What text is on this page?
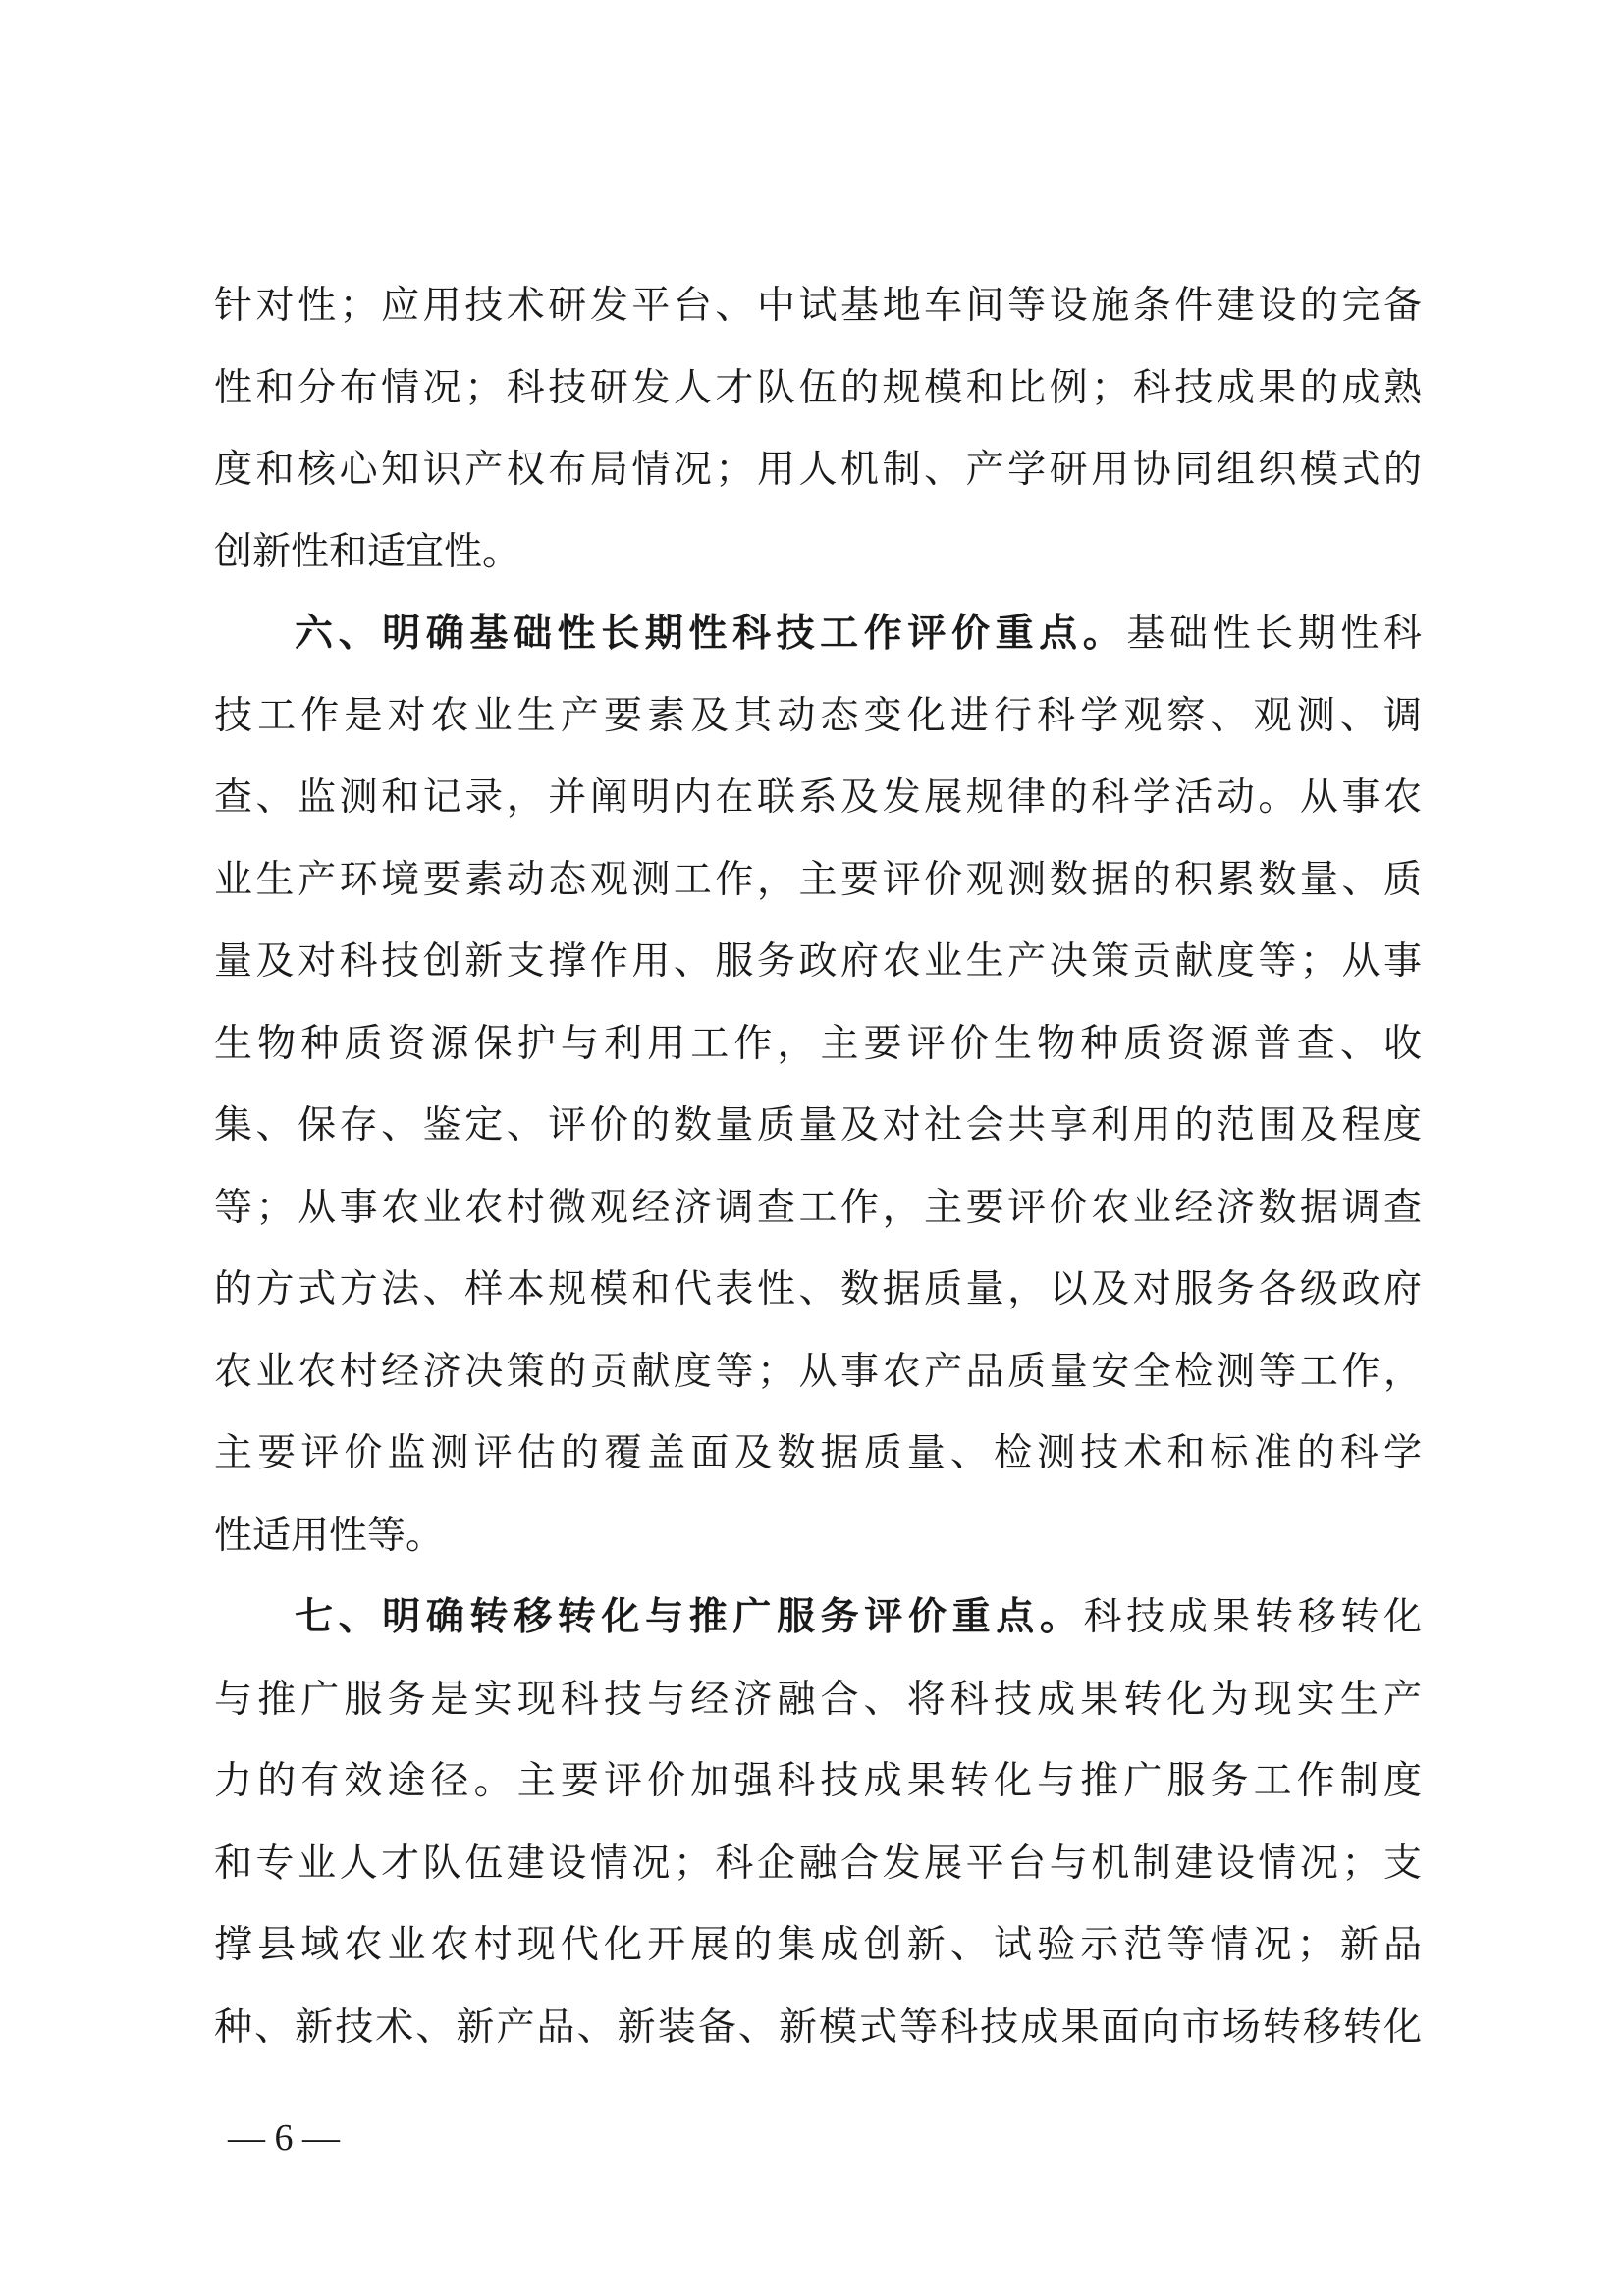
针对性；应用技术研发平台、中试基地车间等设施条件建设的完备
性和分布情况；科技研发人才队伍的规模和比例；科技成果的成熟
度和核心知识产权布局情况；用人机制、产学研用协同组织模式的
创新性和适宜性。
六、明确基础性长期性科技工作评价重点。基础性长期性科
技工作是对农业生产要素及其动态变化进行科学观察、观测、调
查、监测和记录，并阐明内在联系及发展规律的科学活动。从事农
业生产环境要素动态观测工作，主要评价观测数据的积累数量、质
量及对科技创新支撑作用、服务政府农业生产决策贡献度等；从事
生物种质资源保护与利用工作，主要评价生物种质资源普查、收
集、保存、鉴定、评价的数量质量及对社会共享利用的范围及程度
等；从事农业农村微观经济调查工作，主要评价农业经济数据调查
的方式方法、样本规模和代表性、数据质量，以及对服务各级政府
农业农村经济决策的贡献度等；从事农产品质量安全检测等工作，
主要评价监测评估的覆盖面及数据质量、检测技术和标准的科学
性适用性等。
七、明确转移转化与推广服务评价重点。科技成果转移转化
与推广服务是实现科技与经济融合、将科技成果转化为现实生产
力的有效途径。主要评价加强科技成果转化与推广服务工作制度
和专业人才队伍建设情况；科企融合发展平台与机制建设情况；支
撑县域农业农村现代化开展的集成创新、试验示范等情况；新品
种、新技术、新产品、新装备、新模式等科技成果面向市场转移转化
— 6 —
